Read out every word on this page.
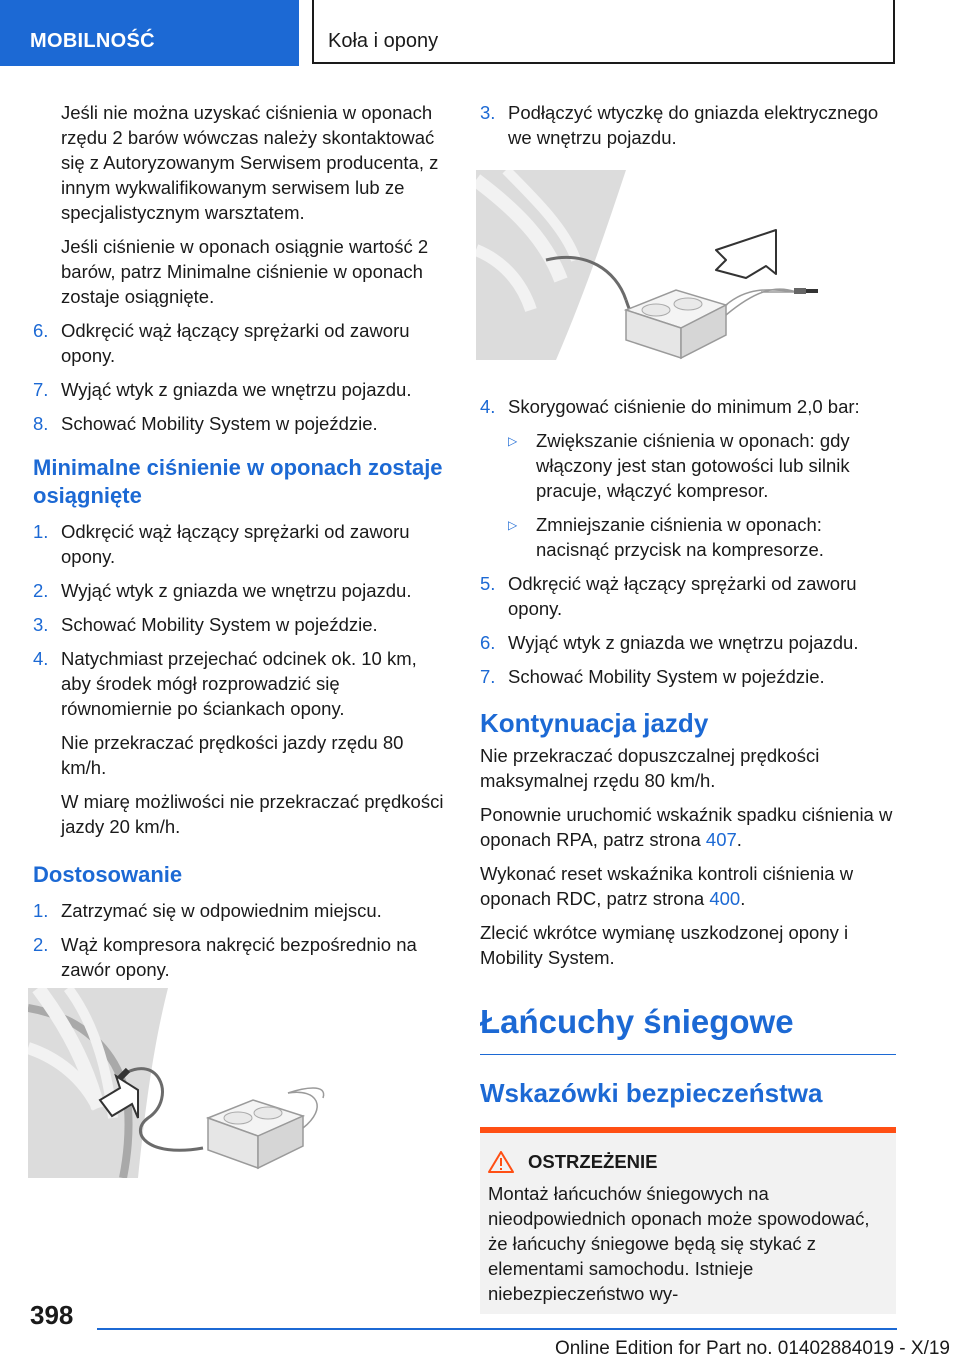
MOBILNOŚĆ	Koła i opony
Jeśli nie można uzyskać ciśnienia w oponach rzędu 2 barów wówczas należy skontaktować się z Autoryzowanym Serwisem producenta, z innym wykwalifikowanym serwisem lub ze specjalistycznym warsztatem.
Jeśli ciśnienie w oponach osiągnie wartość 2 barów, patrz Minimalne ciśnienie w oponach zostaje osiągnięte.
6. Odkręcić wąż łączący sprężarki od zaworu opony.
7. Wyjąć wtyk z gniazda we wnętrzu pojazdu.
8. Schować Mobility System w pojeździe.
Minimalne ciśnienie w oponach zostaje osiągnięte
1. Odkręcić wąż łączący sprężarki od zaworu opony.
2. Wyjąć wtyk z gniazda we wnętrzu pojazdu.
3. Schować Mobility System w pojeździe.
4. Natychmiast przejechać odcinek ok. 10 km, aby środek mógł rozprowadzić się równomiernie po ściankach opony.
Nie przekraczać prędkości jazdy rzędu 80 km/h.
W miarę możliwości nie przekraczać prędkości jazdy 20 km/h.
Dostosowanie
1. Zatrzymać się w odpowiednim miejscu.
2. Wąż kompresora nakręcić bezpośrednio na zawór opony.
3. Podłączyć wtyczkę do gniazda elektrycznego we wnętrzu pojazdu.
4. Skorygować ciśnienie do minimum 2,0 bar:
▷	Zwiększanie ciśnienia w oponach: gdy włączony jest stan gotowości lub silnik pracuje, włączyć kompresor.
▷	Zmniejszanie ciśnienia w oponach: nacisnąć przycisk na kompresorze.
5. Odkręcić wąż łączący sprężarki od zaworu opony.
6. Wyjąć wtyk z gniazda we wnętrzu pojazdu.
7. Schować Mobility System w pojeździe.
Kontynuacja jazdy
Nie przekraczać dopuszczalnej prędkości maksymalnej rzędu 80 km/h.
Ponownie uruchomić wskaźnik spadku ciśnienia w oponach RPA, patrz strona 407.
Wykonać reset wskaźnika kontroli ciśnienia w oponach RDC, patrz strona 400.
Zlecić wkrótce wymianę uszkodzonej opony i Mobility System.
Łańcuchy śniegowe
Wskazówki bezpieczeństwa
OSTRZEŻENIE
Montaż łańcuchów śniegowych na nieodpowiednich oponach może spowodować, że łańcuchy śniegowe będą się stykać z elementami samochodu. Istnieje niebezpieczeństwo wy-
398
Online Edition for Part no. 01402884019 - X/19
